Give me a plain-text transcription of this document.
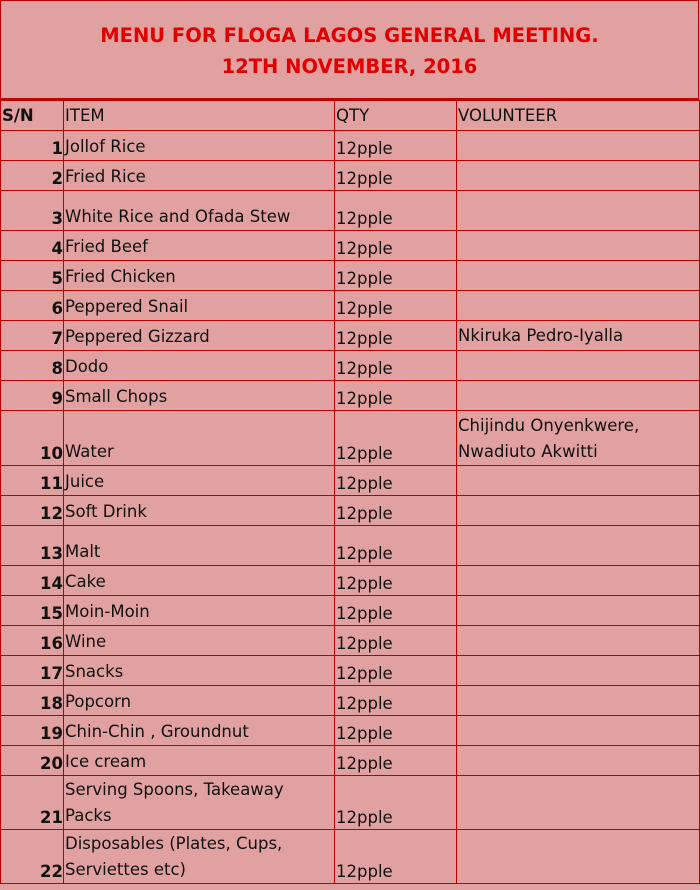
MENU FOR FLOGA LAGOS GENERAL MEETING.
12TH NOVEMBER, 2016
S/N	ITEM	QTY	VOLUNTEER
1	Jollof Rice	12pple	
2	Fried Rice	12pple	
3	White Rice and Ofada Stew	12pple	
4	Fried Beef	12pple	
5	Fried Chicken	12pple	
6	Peppered Snail	12pple	
7	Peppered Gizzard	12pple	Nkiruka Pedro-Iyalla
8	Dodo	12pple	
9	Small Chops	12pple	
10	Water	12pple	Chijindu Onyenkwere, Nwadiuto Akwitti
11	Juice	12pple	
12	Soft Drink	12pple	
13	Malt	12pple	
14	Cake	12pple	
15	Moin-Moin	12pple	
16	Wine	12pple	
17	Snacks	12pple	
18	Popcorn	12pple	
19	Chin-Chin , Groundnut	12pple	
20	Ice cream	12pple	
21	Serving Spoons, Takeaway Packs	12pple	
22	Disposables (Plates, Cups, Serviettes etc)	12pple	
